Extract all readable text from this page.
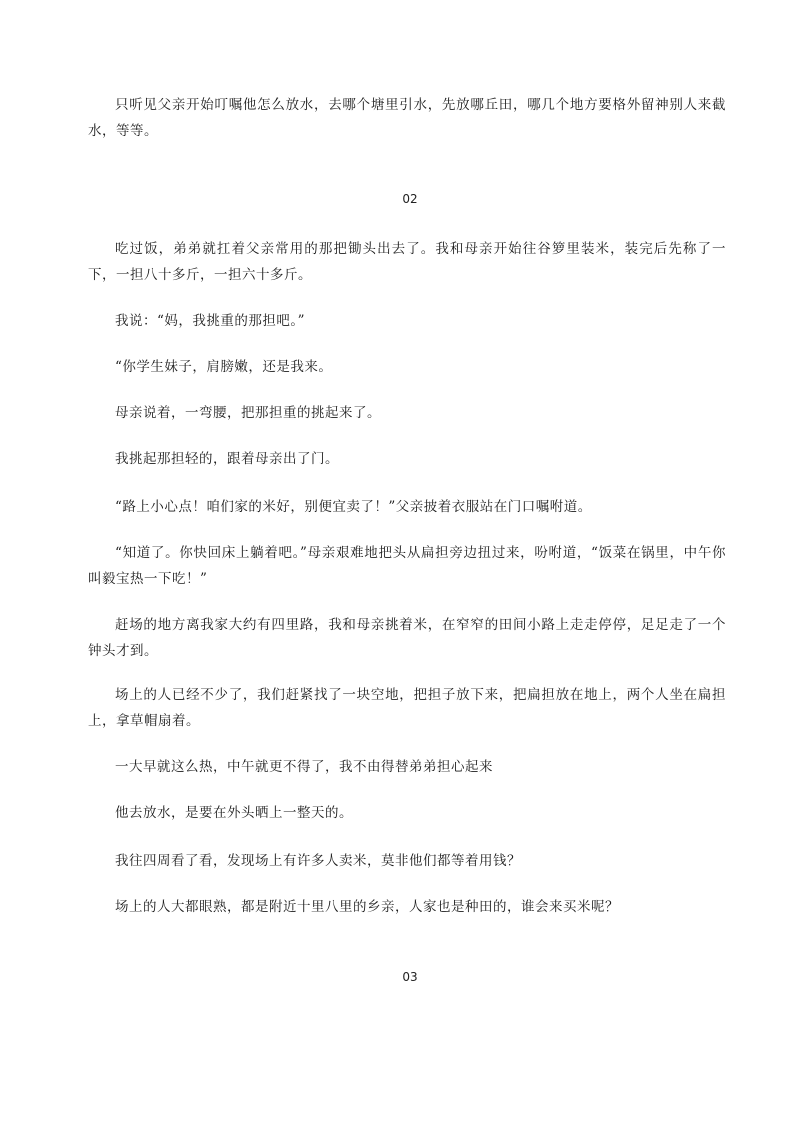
只听见父亲开始叮嘱他怎么放水，去哪个塘里引水，先放哪丘田，哪几个地方要格外留神别人来截水，等等。

02

吃过饭，弟弟就扛着父亲常用的那把锄头出去了。我和母亲开始往谷箩里装米，装完后先称了一下，一担八十多斤，一担六十多斤。

我说：“妈，我挑重的那担吧。”

“你学生妹子，肩膀嫩，还是我来。

母亲说着，一弯腰，把那担重的挑起来了。

我挑起那担轻的，跟着母亲出了门。

“路上小心点！咱们家的米好，别便宜卖了！”父亲披着衣服站在门口嘱咐道。

“知道了。你快回床上躺着吧。”母亲艰难地把头从扁担旁边扭过来，吩咐道，“饭菜在锅里，中午你叫毅宝热一下吃！”

赶场的地方离我家大约有四里路，我和母亲挑着米，在窄窄的田间小路上走走停停，足足走了一个钟头才到。

场上的人已经不少了，我们赶紧找了一块空地，把担子放下来，把扁担放在地上，两个人坐在扁担上，拿草帽扇着。

一大早就这么热，中午就更不得了，我不由得替弟弟担心起来

他去放水，是要在外头晒上一整天的。

我往四周看了看，发现场上有许多人卖米，莫非他们都等着用钱？

场上的人大都眼熟，都是附近十里八里的乡亲，人家也是种田的，谁会来买米呢？

03
